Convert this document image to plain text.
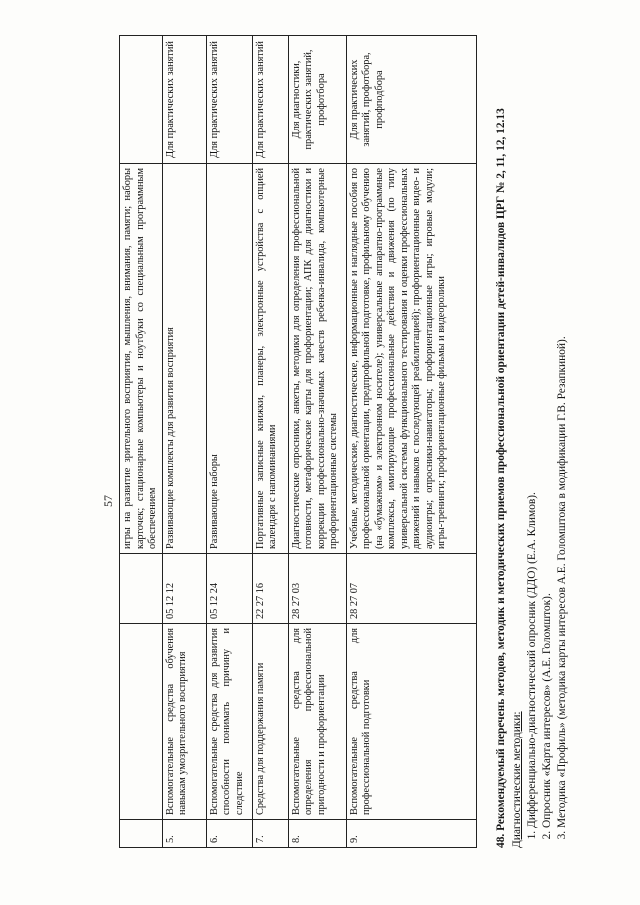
57
			игры на развитие зрительного восприятия, мышления, внимания, памяти; наборы карточек; стационарные компьютеры и ноутбуки со специальным программным обеспечением	
5.	Вспомогательные средства обучения навыкам умозрительного восприятия	05 12 12	Развивающие комплекты для развития восприятия	Для практических занятий
6.	Вспомогательные средства для развития способности понимать причину и следствие	05 12 24	Развивающие наборы	Для практических занятий
7.	Средства для поддержания памяти	22 27 16	Портативные записные книжки, планеры, электронные устройства с опцией календаря с напоминаниями	Для практических занятий
8.	Вспомогательные средства для определения профессиональной пригодности и профориентации	28 27 03	Диагностические опросники, анкеты, методики для определения профессиональной готовности, метафорические карты для профориентации; АПК для диагностики и коррекции профессионально-значимых качеств ребенка-инвалида, компьютерные профориентационные системы	Для диагностики, практических занятий, профотбора
9.	Вспомогательные средства для профессиональной подготовки	28 27 07	Учебные, методические, диагностические, информационные и наглядные пособия по профессиональной ориентации, предпрофильной подготовке, профильному обучению (на «бумажном» и электронном носителе); универсальные аппаратно-программные комплексы, имитирующие профессиональные действия и движения (по типу универсальной системы функционального тестирования и оценки профессиональных движений и навыков с последующей реабилитацией); профориентационные видео- и аудиоигры; опросники-навигаторы; профориентационные игры; игровые модули; игры-тренинги; профориентационные фильмы и видеоролики	Для практических занятий, профотбора, профподбора

48. Рекомендуемый перечень методов, методик и методических приемов профессиональной ориентации детей-инвалидов ЦРГ № 2, 11, 12, 12.13 Диагностические методики: 1. Дифференциально-диагностический опросник (ДДО) (Е.А. Климов). 2. Опросник «Карта интересов» (А.Е. Голомшток). 3. Методика «Профиль» (методика карты интересов А.Е. Голомштока в модификации Г.В. Резапкиной).
